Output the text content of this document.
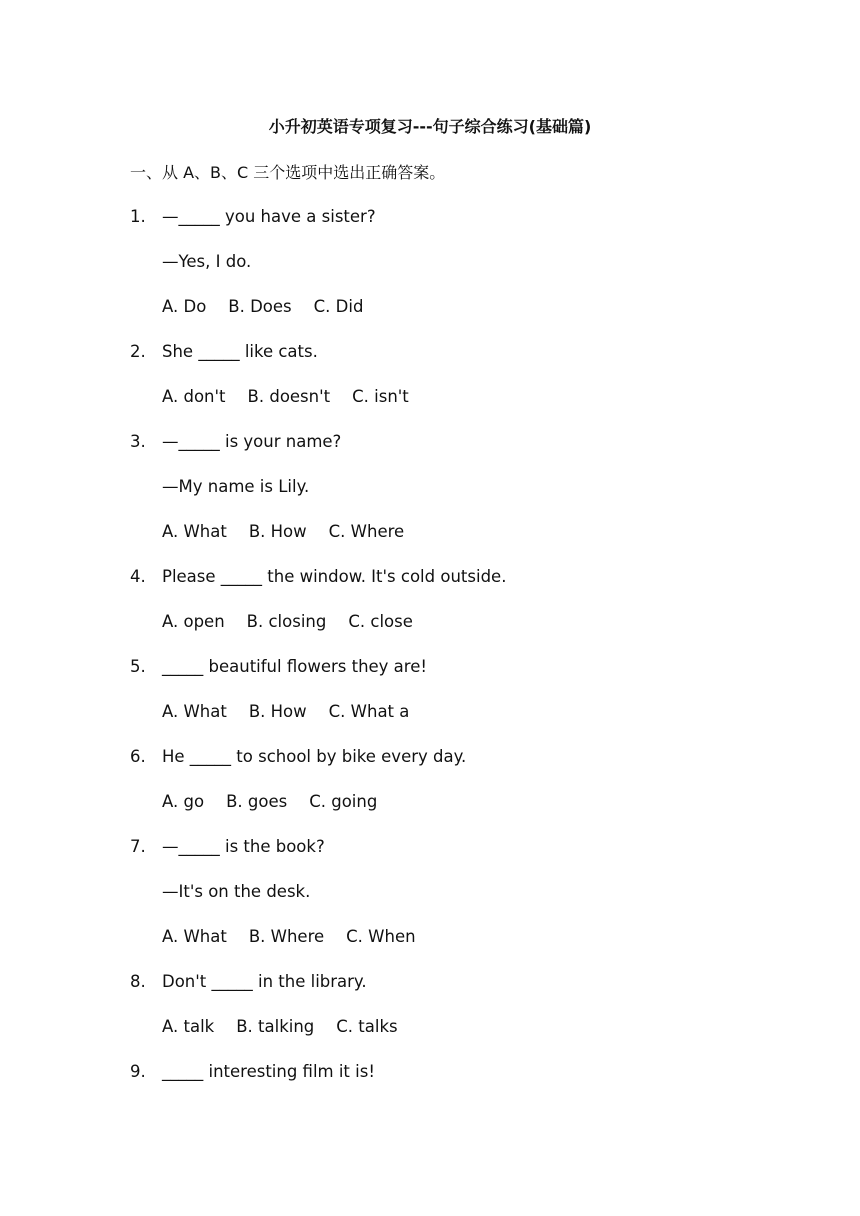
小升初英语专项复习---句子综合练习(基础篇)
一、从 A、B、C 三个选项中选出正确答案。
1. —_____ you have a sister?
—Yes, I do.
A. Do B. Does C. Did
2. She _____ like cats.
A. don't B. doesn't C. isn't
3. —_____ is your name?
—My name is Lily.
A. What B. How C. Where
4. Please _____ the window. It's cold outside.
A. open B. closing C. close
5. _____ beautiful flowers they are!
A. What B. How C. What a
6. He _____ to school by bike every day.
A. go B. goes C. going
7. —_____ is the book?
—It's on the desk.
A. What B. Where C. When
8. Don't _____ in the library.
A. talk B. talking C. talks
9. _____ interesting film it is!
